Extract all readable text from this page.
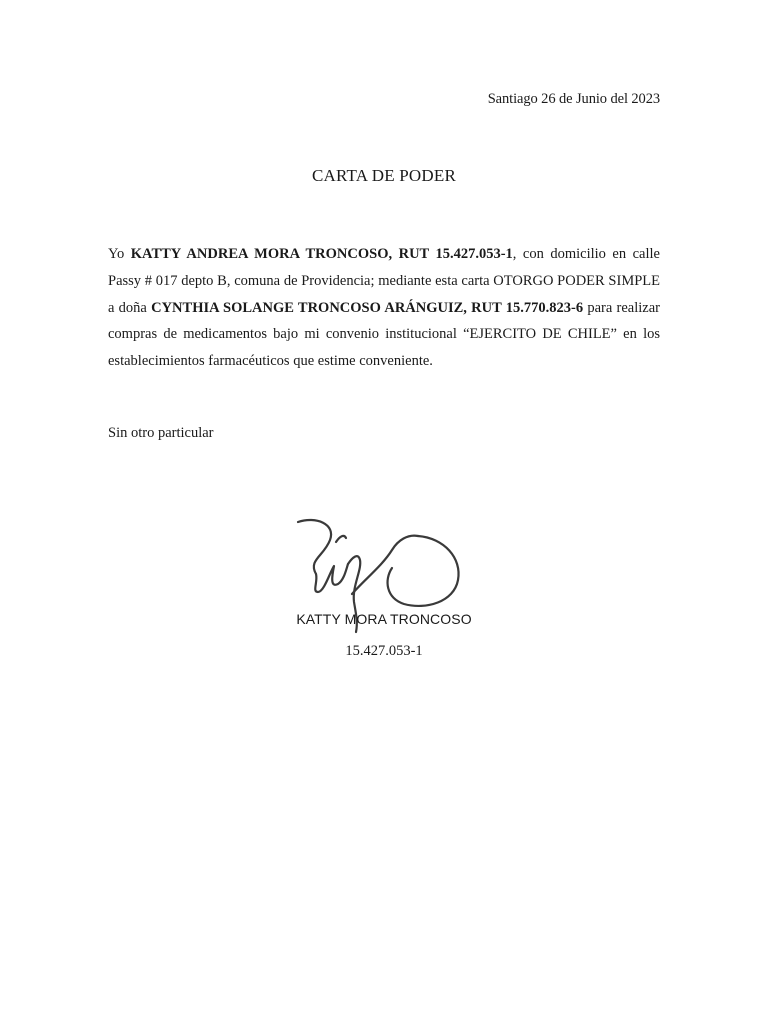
Santiago 26 de Junio del 2023
CARTA DE PODER
Yo KATTY ANDREA MORA TRONCOSO, RUT 15.427.053-1, con domicilio en calle Passy # 017 depto B, comuna de Providencia; mediante esta carta OTORGO PODER SIMPLE a doña CYNTHIA SOLANGE TRONCOSO ARÁNGUIZ, RUT 15.770.823-6 para realizar compras de medicamentos bajo mi convenio institucional “EJERCITO DE CHILE” en los establecimientos farmacéuticos que estime conveniente.
Sin otro particular
KATTY MORA TRONCOSO
15.427.053-1
